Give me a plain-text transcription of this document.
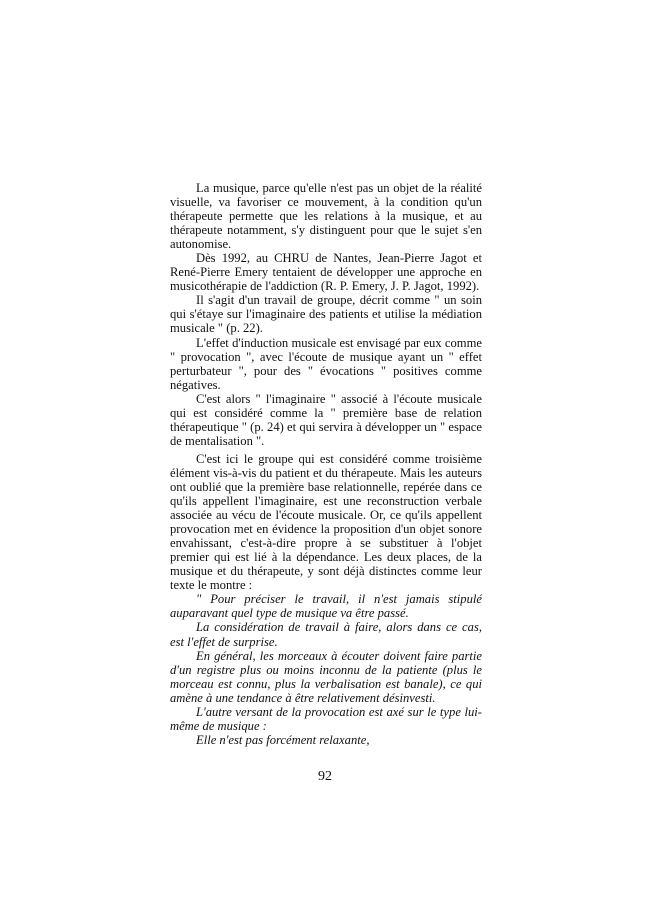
La musique, parce qu'elle n'est pas un objet de la réalité visuelle, va favoriser ce mouvement, à la condition qu'un thérapeute permette que les relations à la musique, et au thérapeute notamment, s'y distinguent pour que le sujet s'en autonomise.

Dès 1992, au CHRU de Nantes, Jean-Pierre Jagot et René-Pierre Emery tentaient de développer une approche en musicothérapie de l'addiction (R. P. Emery, J. P. Jagot, 1992).

Il s'agit d'un travail de groupe, décrit comme " un soin qui s'étaye sur l'imaginaire des patients et utilise la médiation musicale " (p. 22).

L'effet d'induction musicale est envisagé par eux comme " provocation ", avec l'écoute de musique ayant un " effet perturbateur ", pour des " évocations " positives comme négatives.

C'est alors " l'imaginaire " associé à l'écoute musicale qui est considéré comme la " première base de relation thérapeutique " (p. 24) et qui servira à développer un " espace de mentalisation ".

C'est ici le groupe qui est considéré comme troisième élément vis-à-vis du patient et du thérapeute. Mais les auteurs ont oublié que la première base relationnelle, repérée dans ce qu'ils appellent l'imaginaire, est une reconstruction verbale associée au vécu de l'écoute musicale. Or, ce qu'ils appellent provocation met en évidence la proposition d'un objet sonore envahissant, c'est-à-dire propre à se substituer à l'objet premier qui est lié à la dépendance. Les deux places, de la musique et du thérapeute, y sont déjà distinctes comme leur texte le montre :

" Pour préciser le travail, il n'est jamais stipulé auparavant quel type de musique va être passé.

La considération de travail à faire, alors dans ce cas, est l'effet de surprise.

En général, les morceaux à écouter doivent faire partie d'un registre plus ou moins inconnu de la patiente (plus le morceau est connu, plus la verbalisation est banale), ce qui amène à une tendance à être relativement désinvesti.

L'autre versant de la provocation est axé sur le type lui-même de musique :

Elle n'est pas forcément relaxante,

92
